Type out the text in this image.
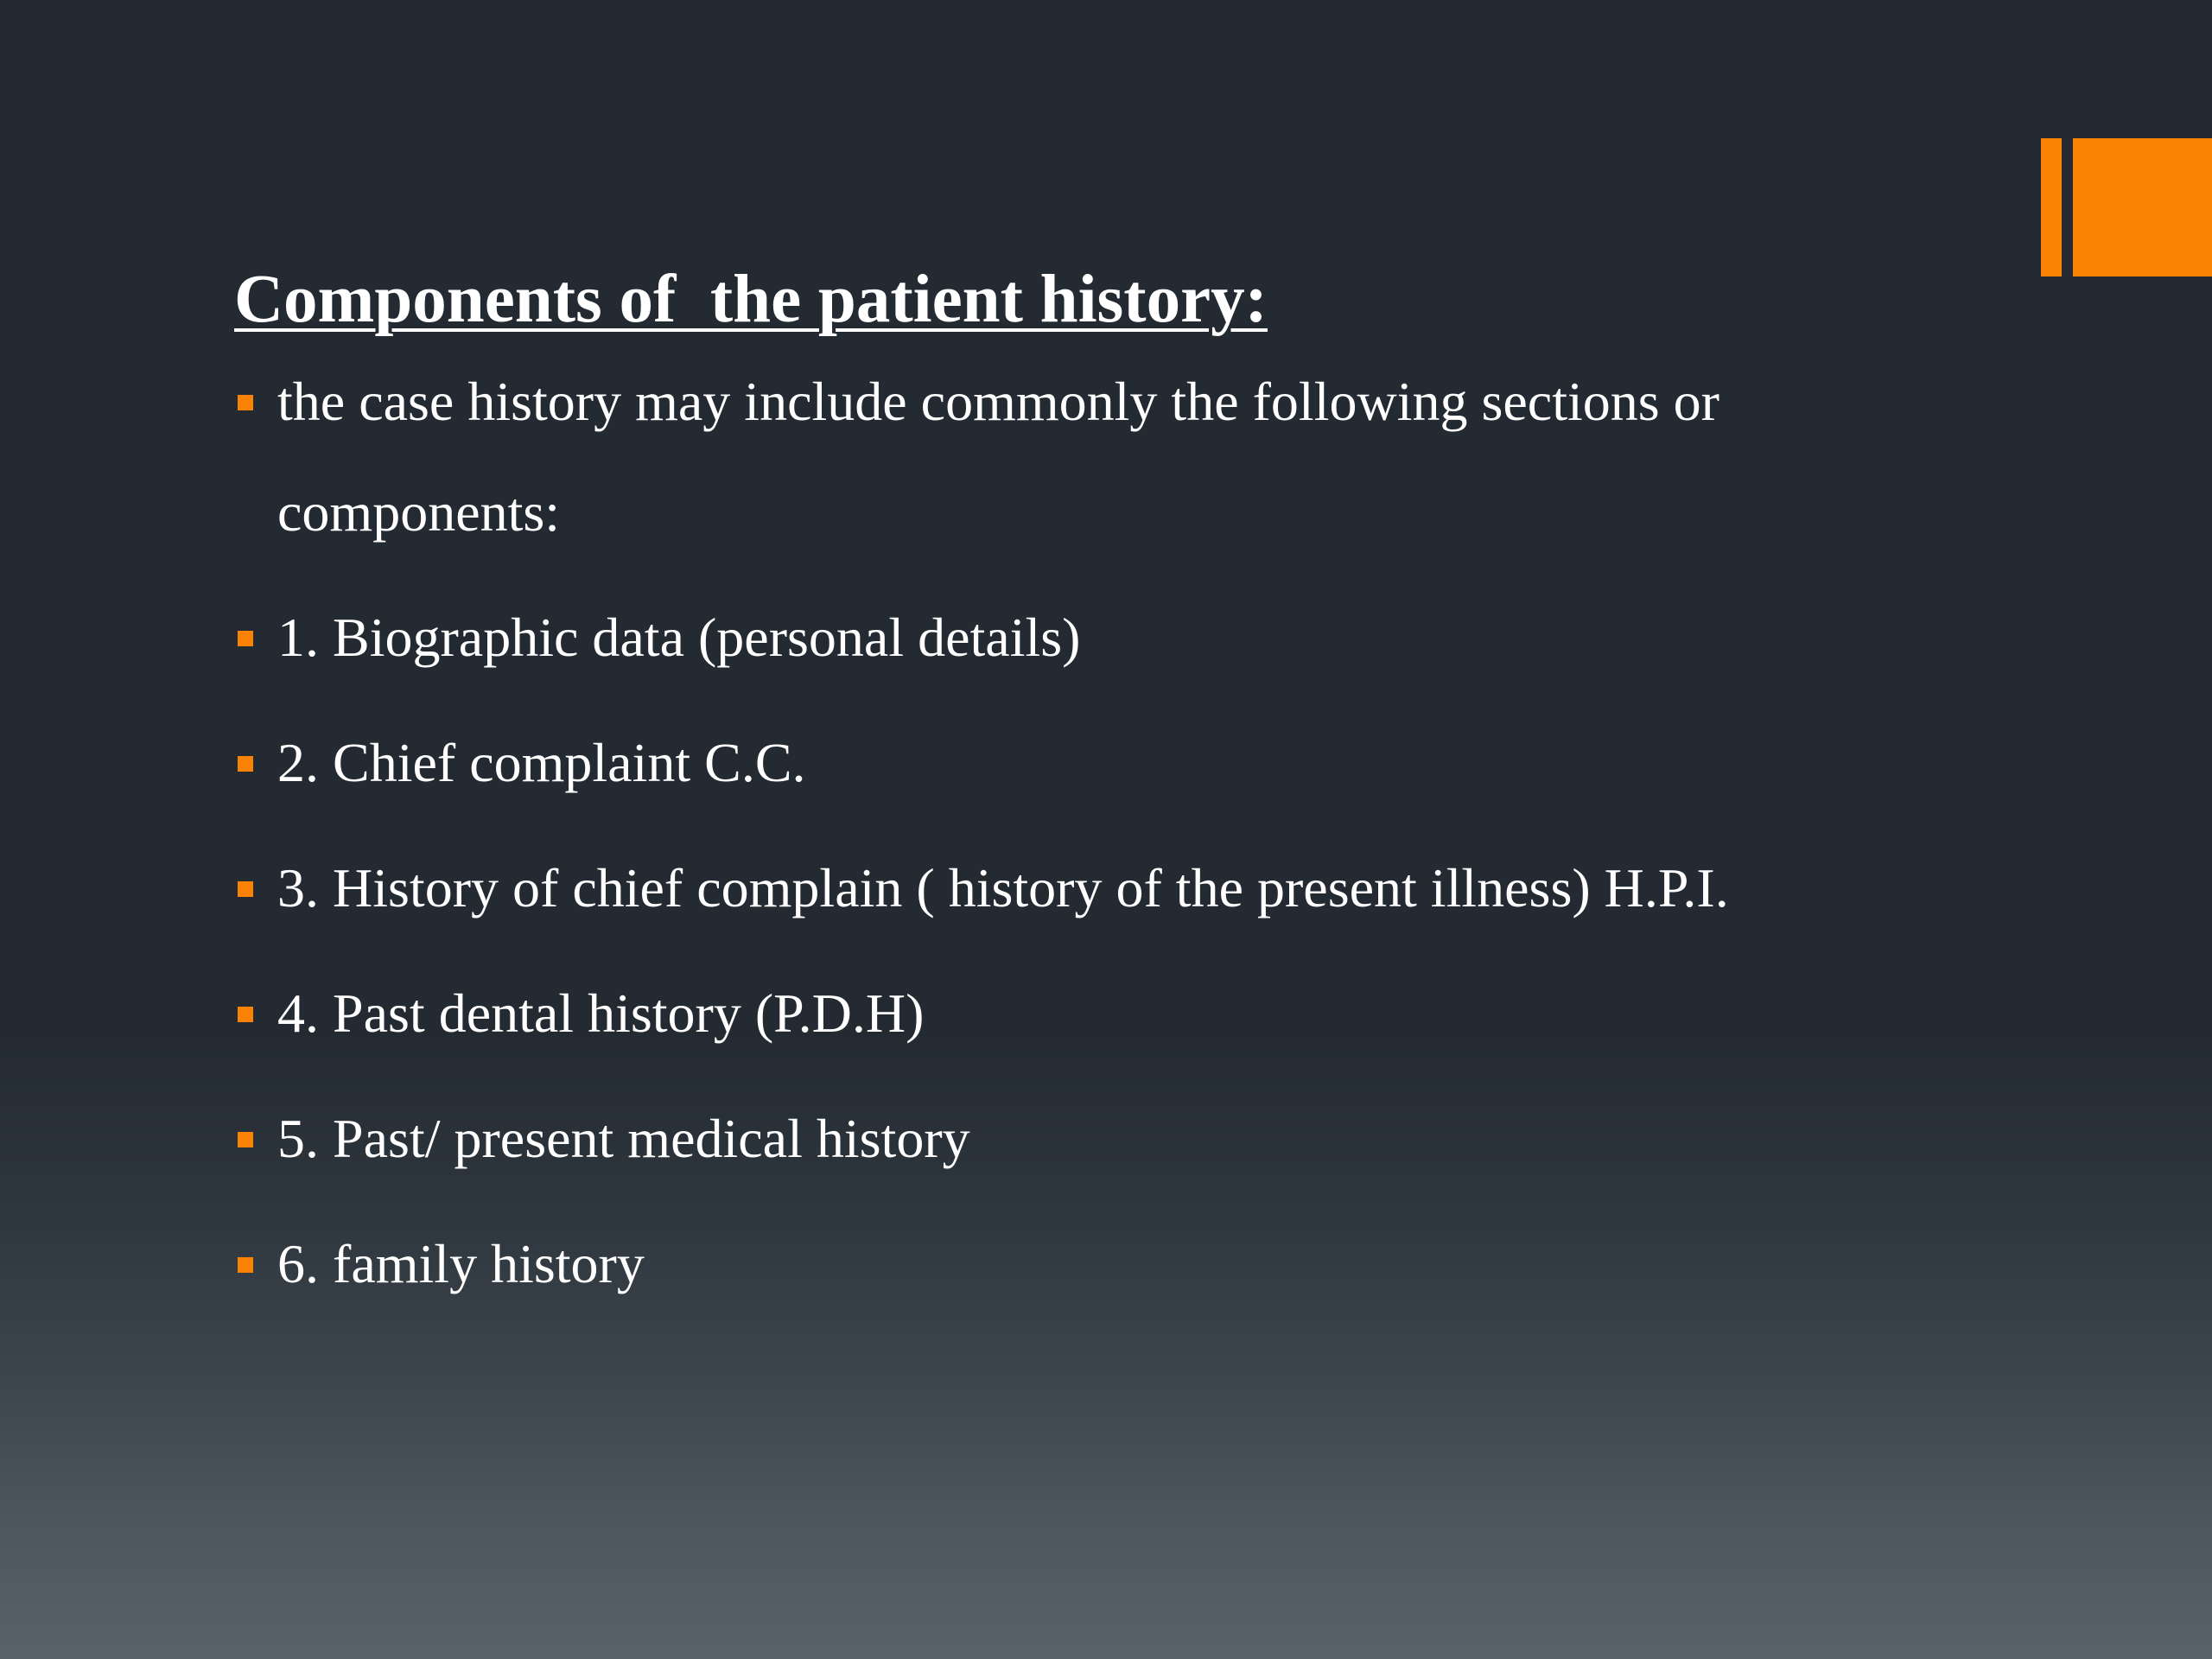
Components of  the patient history:
the case history may include commonly the following sections or components:
1. Biographic data (personal details)
2. Chief complaint C.C.
3. History of chief complain ( history of the present illness) H.P.I.
4. Past dental history (P.D.H)
5. Past/ present medical history
6. family history
